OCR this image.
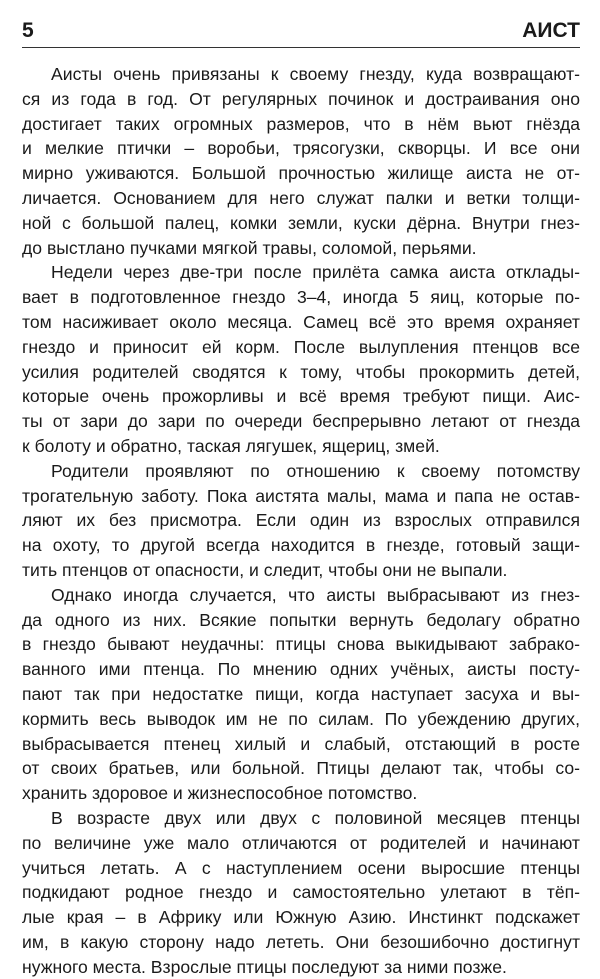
5	АИСТ
Аисты очень привязаны к своему гнезду, куда возвращают-
ся из года в год. От регулярных починок и достраивания оно
достигает таких огромных размеров, что в нём вьют гнёзда
и мелкие птички – воробьи, трясогузки, скворцы. И все они
мирно уживаются. Большой прочностью жилище аиста не от-
личается. Основанием для него служат палки и ветки толщи-
ной с большой палец, комки земли, куски дёрна. Внутри гнез-
до выстлано пучками мягкой травы, соломой, перьями.
Недели через две-три после прилёта самка аиста отклады-
вает в подготовленное гнездо 3–4, иногда 5 яиц, которые по-
том насиживает около месяца. Самец всё это время охраняет
гнездо и приносит ей корм. После вылупления птенцов все
усилия родителей сводятся к тому, чтобы прокормить детей,
которые очень прожорливы и всё время требуют пищи. Аис-
ты от зари до зари по очереди беспрерывно летают от гнезда
к болоту и обратно, таская лягушек, ящериц, змей.
Родители проявляют по отношению к своему потомству
трогательную заботу. Пока аистята малы, мама и папа не остав-
ляют их без присмотра. Если один из взрослых отправился
на охоту, то другой всегда находится в гнезде, готовый защи-
тить птенцов от опасности, и следит, чтобы они не выпали.
Однако иногда случается, что аисты выбрасывают из гнез-
да одного из них. Всякие попытки вернуть бедолагу обратно
в гнездо бывают неудачны: птицы снова выкидывают забрако-
ванного ими птенца. По мнению одних учёных, аисты посту-
пают так при недостатке пищи, когда наступает засуха и вы-
кормить весь выводок им не по силам. По убеждению других,
выбрасывается птенец хилый и слабый, отстающий в росте
от своих братьев, или больной. Птицы делают так, чтобы со-
хранить здоровое и жизнеспособное потомство.
В возрасте двух или двух с половиной месяцев птенцы
по величине уже мало отличаются от родителей и начинают
учиться летать. А с наступлением осени выросшие птенцы
подкидают родное гнездо и самостоятельно улетают в тёп-
лые края – в Африку или Южную Азию. Инстинкт подскажет
им, в какую сторону надо лететь. Они безошибочно достигнут
нужного места. Взрослые птицы последуют за ними позже.
